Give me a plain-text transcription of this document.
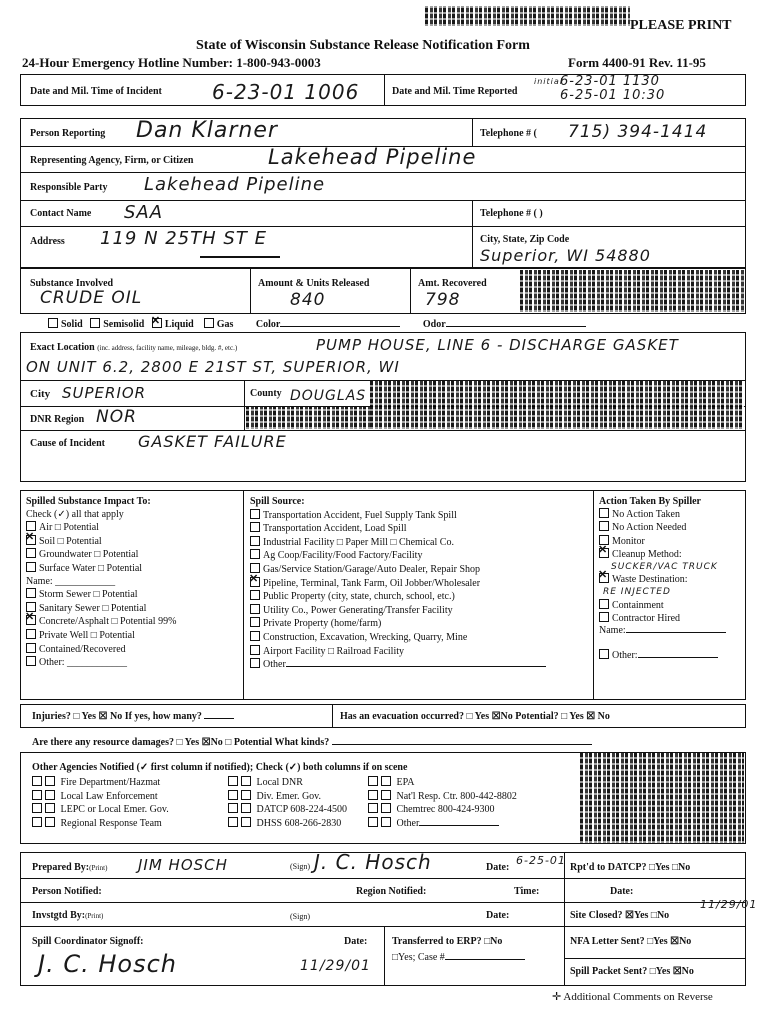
PLEASE PRINT
State of Wisconsin Substance Release Notification Form
24-Hour Emergency Hotline Number: 1-800-943-0003	Form 4400-91 Rev. 11-95
Date and Mil. Time of Incident	6-23-01 1006	Date and Mil. Time Reported
initial
6-23-01 1130
6-25-01 10:30
Person Reporting Dan Klarner	Telephone # ( 715) 394-1414
Representing Agency, Firm, or Citizen	Lakehead Pipeline
Responsible Party Lakehead Pipeline
Contact Name SAA	Telephone # ( )
Address 119 N 25TH ST E	City, State, Zip Code
Superior, WI 54880
Substance Involved
CRUDE OIL
Amount & Units Released
840
Amt. Recovered
798
Solid Semisolid   ✕ Liquid Gas Color	Odor
Exact Location (inc. address, facility name, mileage, bldg. #, etc.)	PUMP HOUSE, LINE 6 - DISCHARGE GASKET
ON UNIT 6.2, 2800 E 21ST ST, SUPERIOR, WI
City SUPERIOR	County DOUGLAS
DNR Region NOR
Cause of Incident GASKET FAILURE
Spilled Substance Impact To:
Check (✓) all that apply
Air □ Potential
✕Soil □ Potential
Groundwater □ Potential
Surface Water □ Potential
Name: ____________
Storm Sewer □ Potential
Sanitary Sewer □ Potential
✕Concrete/Asphalt □ Potential 99%
Private Well □ Potential
Contained/Recovered
Other: ____________
Spill Source:
Transportation Accident, Fuel Supply Tank Spill
Transportation Accident, Load Spill
Industrial Facility □ Paper Mill □ Chemical Co.
Ag Coop/Facility/Food Factory/Facility
Gas/Service Station/Garage/Auto Dealer, Repair Shop
✕Pipeline, Terminal, Tank Farm, Oil Jobber/Wholesaler
Public Property (city, state, church, school, etc.)
Utility Co., Power Generating/Transfer Facility
Private Property (home/farm)
Construction, Excavation, Wrecking, Quarry, Mine
Airport Facility □ Railroad Facility
Other
Action Taken By Spiller
No Action Taken
No Action Needed
Monitor
✕Cleanup Method:
SUCKER/VAC TRUCK
✕Waste Destination:
RE INJECTED
Containment
Contractor Hired
Name:
Other:
Injuries? □ Yes ☒ No If yes, how many?	Has an evacuation occurred? □ Yes ☒No Potential? □ Yes ☒ No
Are there any resource damages? □ Yes ☒No □ Potential What kinds?
Other Agencies Notified (✓ first column if notified); Check (✓) both columns if on scene
Fire Department/Hazmat
Local Law Enforcement
LEPC or Local Emer. Gov.
Regional Response Team
Local DNR
Div. Emer. Gov.
DATCP 608-224-4500
DHSS 608-266-2830
EPA
Nat'l Resp. Ctr. 800-442-8802
Chemtrec 800-424-9300
Other
Prepared By:(Print) JIM HOSCH	(Sign) J. C. Hosch	Date:
6-25-01
Rpt'd to DATCP? □Yes □No
Person Notified:	Region Notified:	Time:	Date:
Invstgtd By:(Print)	(Sign)	Date:	Site Closed? ☒Yes □No
11/29/01
Spill Coordinator Signoff:
J. C. Hosch
Date:
11/29/01
Transferred to ERP? □No
□Yes; Case #
NFA Letter Sent? □Yes ☒No
Spill Packet Sent? □Yes ☒No
✛ Additional Comments on Reverse
